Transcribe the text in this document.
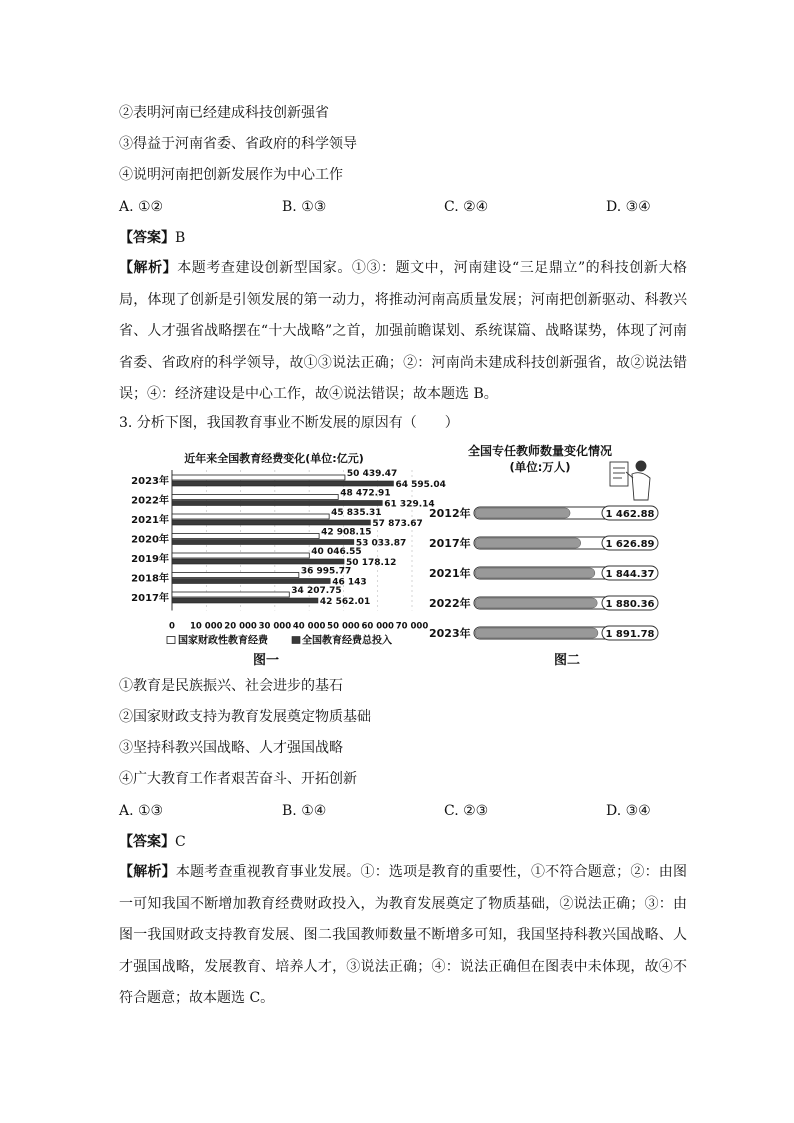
②表明河南已经建成科技创新强省
③得益于河南省委、省政府的科学领导
④说明河南把创新发展作为中心工作
A. ①②	B. ①③	C. ②④	D. ③④
【答案】B

【解析】本题考查建设创新型国家。①③：题文中，河南建设“三足鼎立”的科技创新大格局，体现了创新是引领发展的第一动力，将推动河南高质量发展；河南把创新驱动、科教兴省、人才强省战略摆在“十大战略”之首，加强前瞻谋划、系统谋篇、战略谋势，体现了河南省委、省政府的科学领导，故①③说法正确；②：河南尚未建成科技创新强省，故②说法错误；④：经济建设是中心工作，故④说法错误；故本题选 B。

3. 分析下图，我国教育事业不断发展的原因有（　　）
近年来全国教育经费变化(单位:亿元)
2023年
50 439.47
64 595.04
2022年
48 472.91
61 329.14
2021年
45 835.31
57 873.67
2020年
42 908.15
53 033.87
2019年
40 046.55
50 178.12
2018年
36 995.77
46 143
2017年
34 207.75
42 562.01
0 10 000 20 000 30 000 40 000 50 000 60 000 70 000
国家财政性教育经费	全国教育经费总投入
图一
全国专任教师数量变化情况
(单位:万人)
2012年	1 462.88
2017年	1 626.89
2021年	1 844.37
2022年	1 880.36
2023年	1 891.78
图二
①教育是民族振兴、社会进步的基石
②国家财政支持为教育发展奠定物质基础
③坚持科教兴国战略、人才强国战略
④广大教育工作者艰苦奋斗、开拓创新
A. ①③	B. ①④	C. ②③	D. ③④
【答案】C

【解析】本题考查重视教育事业发展。①：选项是教育的重要性，①不符合题意；②：由图一可知我国不断增加教育经费财政投入，为教育发展奠定了物质基础，②说法正确；③：由图一我国财政支持教育发展、图二我国教师数量不断增多可知，我国坚持科教兴国战略、人才强国战略，发展教育、培养人才，③说法正确；④：说法正确但在图表中未体现，故④不符合题意；故本题选 C。
